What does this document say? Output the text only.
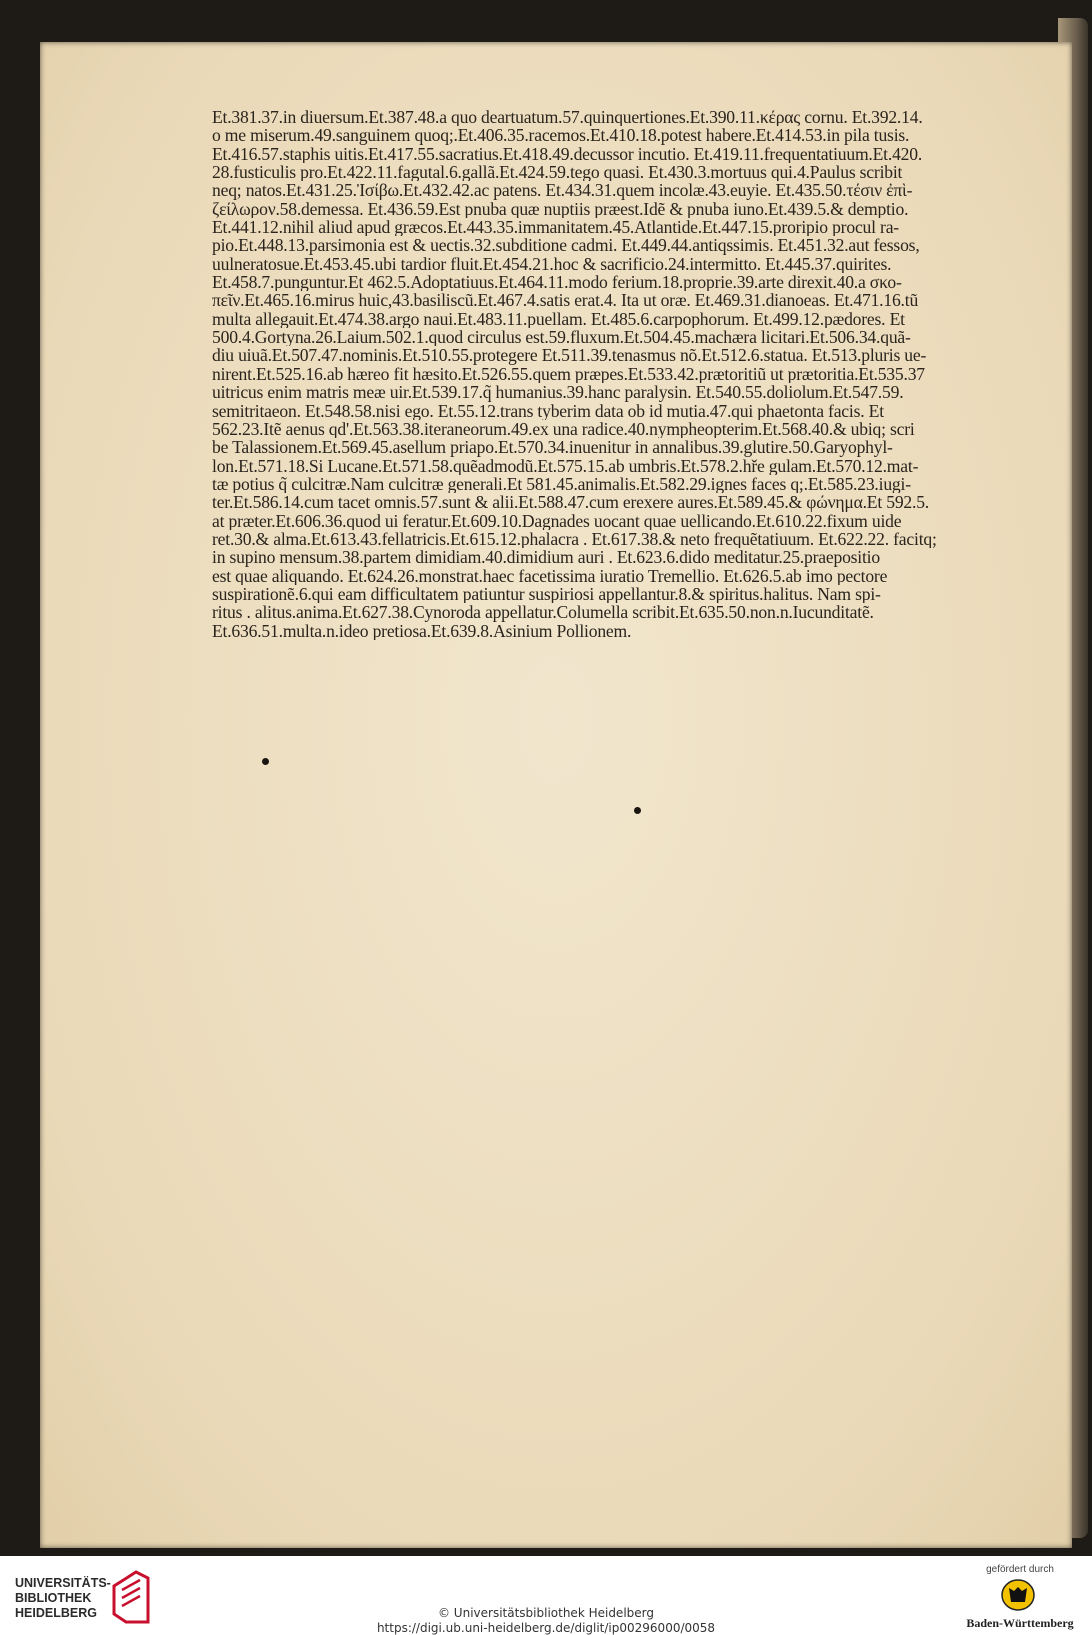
Et.381.37.in diuersum.Et.387.48.a quo deartuatum.57.quinquertiones.Et.390.11.κέρας cornu. Et.392.14.
o me miserum.49.sanguinem quoq;.Et.406.35.racemos.Et.410.18.potest habere.Et.414.53.in pila tusis.
Et.416.57.staphis uitis.Et.417.55.sacratius.Et.418.49.decussor incutio. Et.419.11.frequentatiuum.Et.420.
28.fusticulis pro.Et.422.11.fagutal.6.gallã.Et.424.59.tego quasi. Et.430.3.mortuus qui.4.Paulus scribit
neq; natos.Et.431.25.Ἰσίβω.Et.432.42.ac patens. Et.434.31.quem incolæ.43.euyie. Et.435.50.τέσιν ἐπὶ-
ζείλωρον.58.demessa. Et.436.59.Est pnuba quæ nuptiis præest.Idẽ & pnuba iuno.Et.439.5.& demptio.
Et.441.12.nihil aliud apud græcos.Et.443.35.immanitatem.45.Atlantide.Et.447.15.proripio procul ra-
pio.Et.448.13.parsimonia est & uectis.32.subditione cadmi. Et.449.44.antiqssimis. Et.451.32.aut fessos,
uulneratosue.Et.453.45.ubi tardior fluit.Et.454.21.hoc & sacrificio.24.intermitto. Et.445.37.quirites.
Et.458.7.punguntur.Et 462.5.Adoptatiuus.Et.464.11.modo ferium.18.proprie.39.arte direxit.40.a σκο-
πεῖν.Et.465.16.mirus huic,43.basiliscũ.Et.467.4.satis erat.4. Ita ut oræ. Et.469.31.dianoeas. Et.471.16.tũ
multa allegauit.Et.474.38.argo naui.Et.483.11.puellam. Et.485.6.carpophorum. Et.499.12.pædores. Et
500.4.Gortyna.26.Laium.502.1.quod circulus est.59.fluxum.Et.504.45.machæra licitari.Et.506.34.quã-
diu uiuã.Et.507.47.nominis.Et.510.55.protegere Et.511.39.tenasmus nõ.Et.512.6.statua. Et.513.pluris ue-
nirent.Et.525.16.ab hæreo fit hæsito.Et.526.55.quem præpes.Et.533.42.prætoritiũ ut prætoritia.Et.535.37
uitricus enim matris meæ uir.Et.539.17.q̃ humanius.39.hanc paralysin. Et.540.55.doliolum.Et.547.59.
semitritaeon. Et.548.58.nisi ego. Et.55.12.trans tyberim data ob id mutia.47.qui phaetonta facis. Et
562.23.Itẽ aenus qd'.Et.563.38.iteraneorum.49.ex una radice.40.nympheopterim.Et.568.40.& ubiq; scri
be Talassionem.Et.569.45.asellum priapo.Et.570.34.inuenitur in annalibus.39.glutire.50.Garyophyl-
lon.Et.571.18.Si Lucane.Et.571.58.quẽadmodũ.Et.575.15.ab umbris.Et.578.2.hře gulam.Et.570.12.mat-
tæ potius q̃ culcitræ.Nam culcitræ generali.Et 581.45.animalis.Et.582.29.ignes faces q;.Et.585.23.iugi-
ter.Et.586.14.cum tacet omnis.57.sunt & alii.Et.588.47.cum erexere aures.Et.589.45.& φώνημα.Et 592.5.
at præter.Et.606.36.quod ui feratur.Et.609.10.Dagnades uocant quae uellicando.Et.610.22.fixum uide
ret.30.& alma.Et.613.43.fellatricis.Et.615.12.phalacra . Et.617.38.& neto frequẽtatiuum. Et.622.22. facitq;
in supino mensum.38.partem dimidiam.40.dimidium auri . Et.623.6.dido meditatur.25.praepositio
est quae aliquando. Et.624.26.monstrat.haec facetissima iuratio Tremellio. Et.626.5.ab imo pectore
suspirationẽ.6.qui eam difficultatem patiuntur suspiriosi appellantur.8.& spiritus.halitus. Nam spi-
ritus . alitus.anima.Et.627.38.Cynoroda appellatur.Columella scribit.Et.635.50.non.n.Iucunditatẽ.
Et.636.51.multa.n.ideo pretiosa.Et.639.8.Asinium Pollionem.
UNIVERSITÄTS-
BIBLIOTHEK
HEIDELBERG	© Universitätsbibliothek Heidelberg
https://digi.ub.uni-heidelberg.de/diglit/ip00296000/0058
gefördert durch
Baden-Württemberg
